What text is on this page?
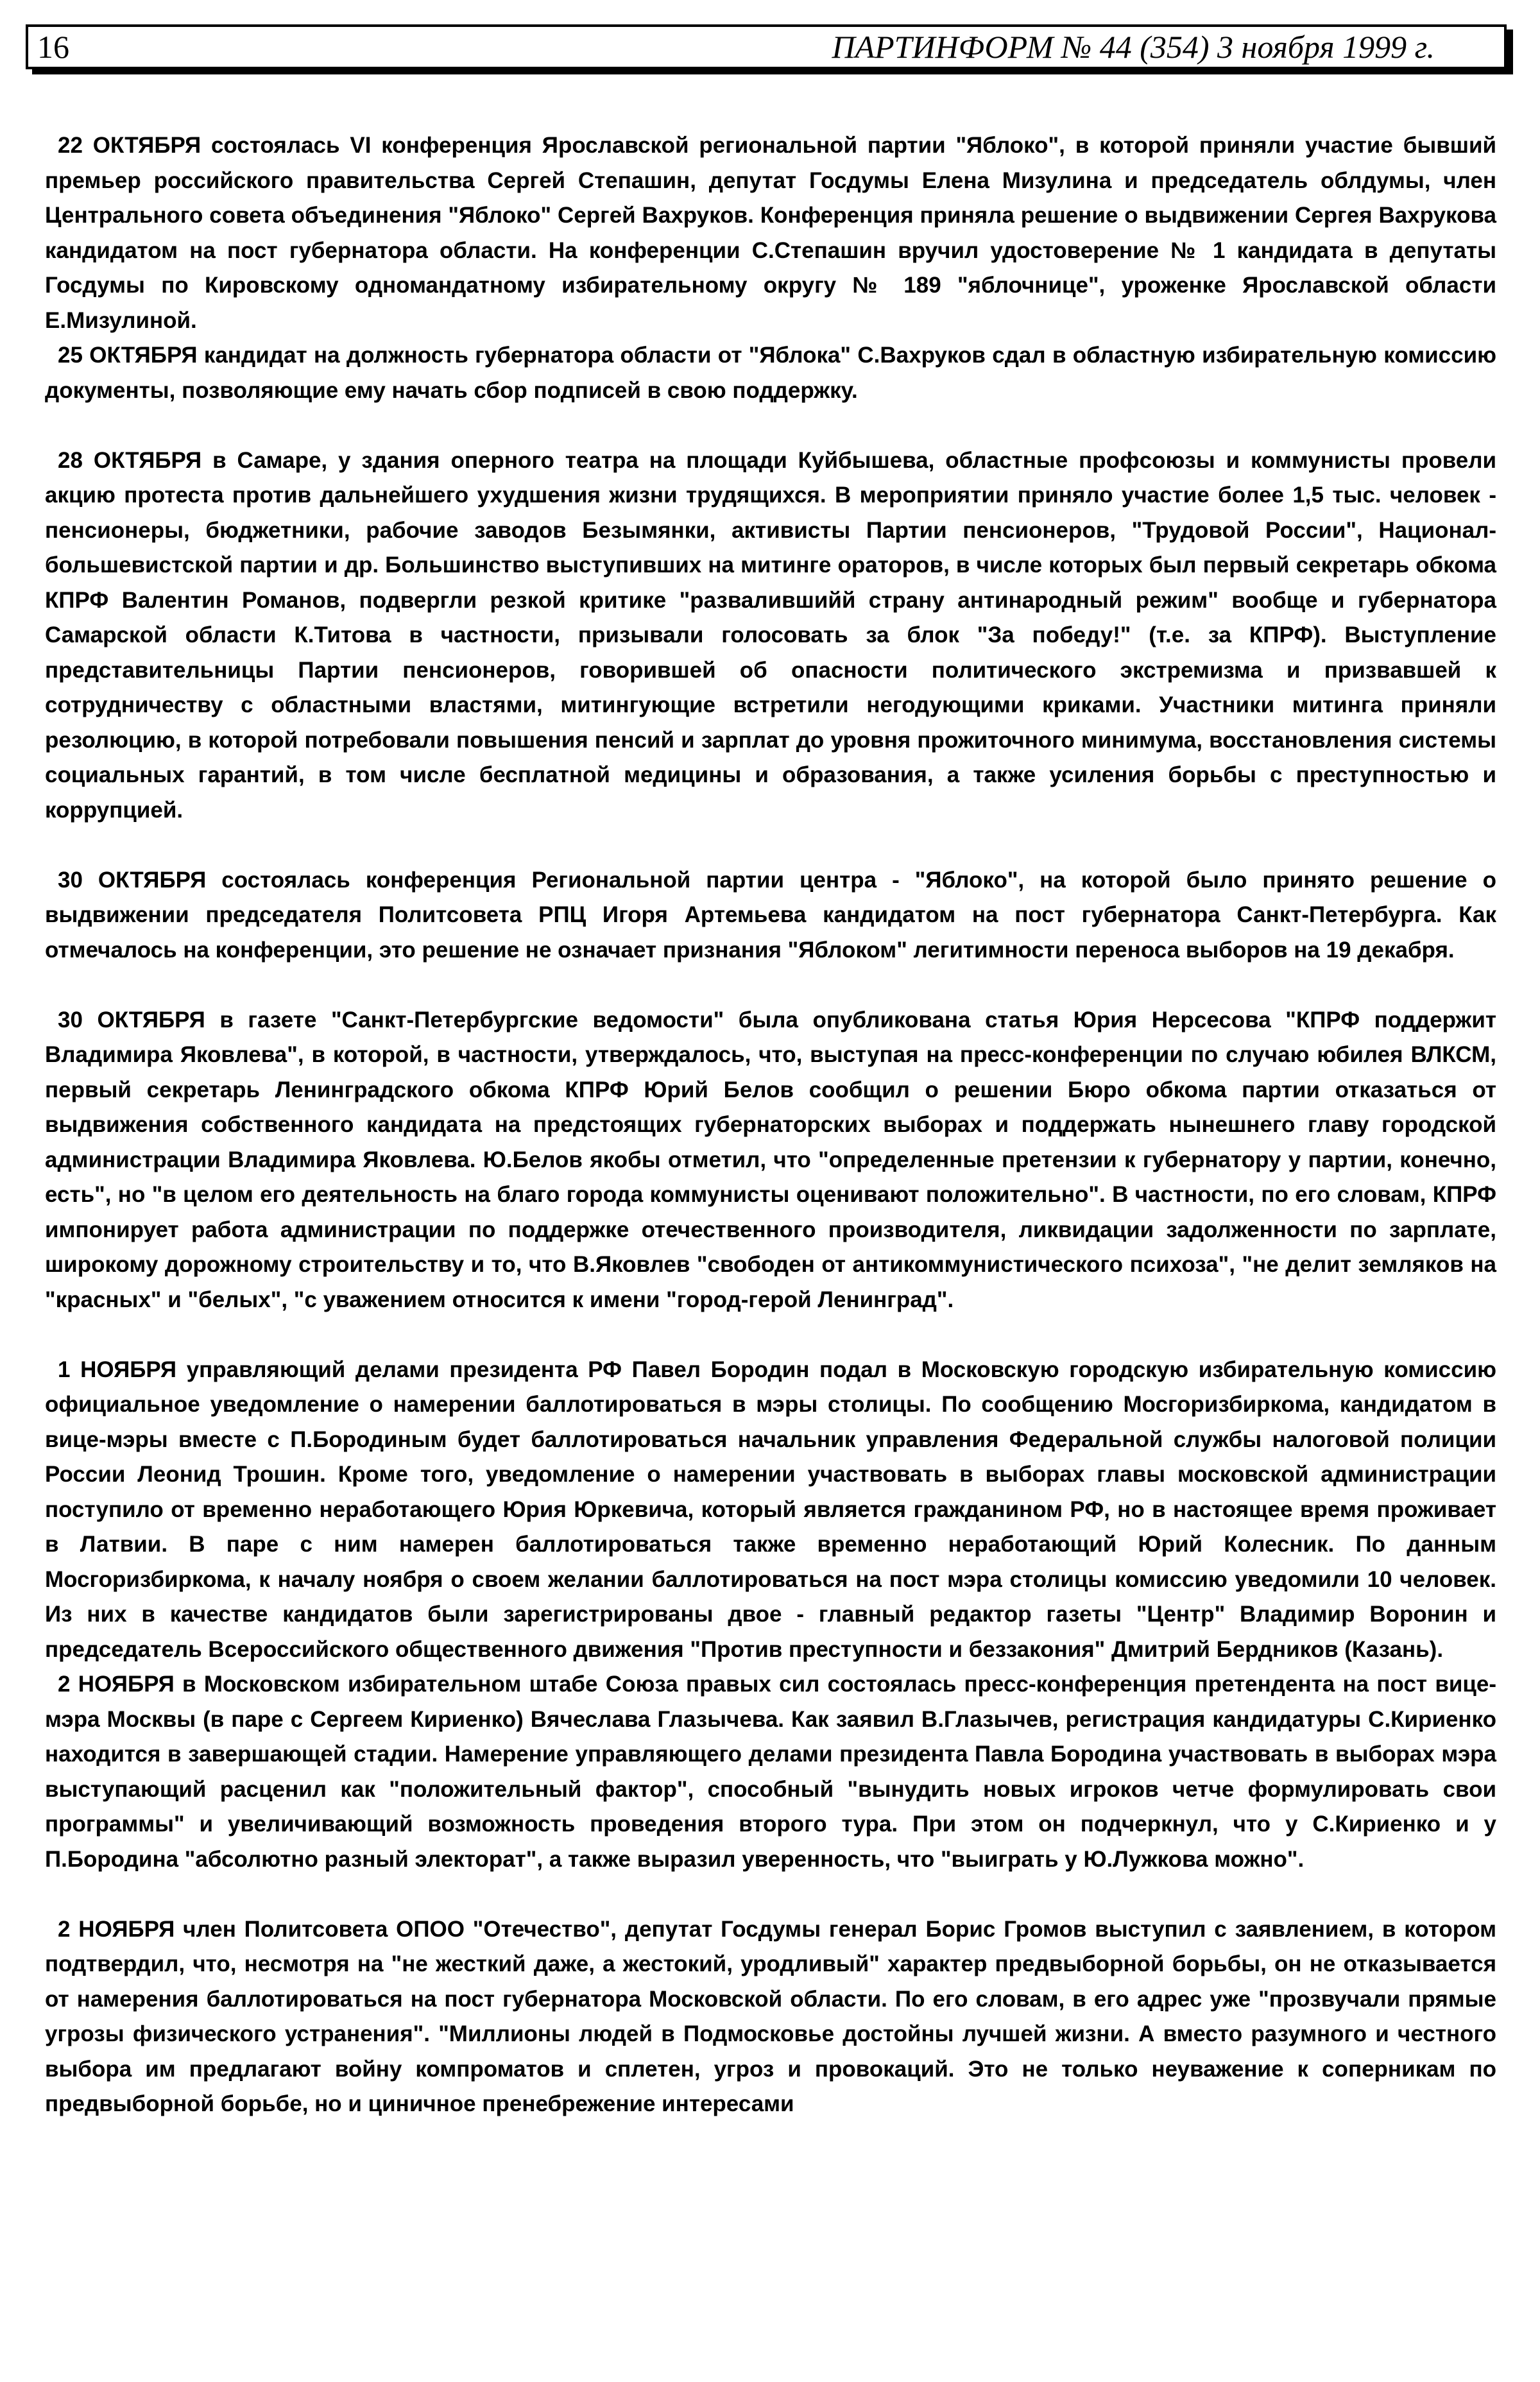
16	ПАРТИНФОРМ № 44 (354) 3 ноября 1999 г.

22 ОКТЯБРЯ состоялась VI конференция Ярославской региональной партии "Яблоко", в которой приняли участие бывший премьер российского правительства Сергей Степашин, депутат Госдумы Елена Мизулина и председатель облдумы, член Центрального совета объединения "Яблоко" Сергей Вахруков. Конференция приняла решение о выдвижении Сергея Вахрукова кандидатом на пост губернатора области. На конференции С.Степашин вручил удостоверение № 1 кандидата в депутаты Госдумы по Кировскому одномандатному избирательному округу № 189 "яблочнице", уроженке Ярославской области Е.Мизулиной.

25 ОКТЯБРЯ кандидат на должность губернатора области от "Яблока" С.Вахруков сдал в областную избирательную комиссию документы, позволяющие ему начать сбор подписей в свою поддержку.

28 ОКТЯБРЯ в Самаре, у здания оперного театра на площади Куйбышева, областные профсоюзы и коммунисты провели акцию протеста против дальнейшего ухудшения жизни трудящихся. В мероприятии приняло участие более 1,5 тыс. человек - пенсионеры, бюджетники, рабочие заводов Безымянки, активисты Партии пенсионеров, "Трудовой России", Национал-большевистской партии и др. Большинство выступивших на митинге ораторов, в числе которых был первый секретарь обкома КПРФ Валентин Романов, подвергли резкой критике "развалившийй страну антинародный режим" вообще и губернатора Самарской области К.Титова в частности, призывали голосовать за блок "За победу!" (т.е. за КПРФ). Выступление представительницы Партии пенсионеров, говорившей об опасности политического экстремизма и призвавшей к сотрудничеству с областными властями, митингующие встретили негодующими криками. Участники митинга приняли резолюцию, в которой потребовали повышения пенсий и зарплат до уровня прожиточного минимума, восстановления системы социальных гарантий, в том числе бесплатной медицины и образования, а также усиления борьбы с преступностью и коррупцией.

30 ОКТЯБРЯ состоялась конференция Региональной партии центра - "Яблоко", на которой было принято решение о выдвижении председателя Политсовета РПЦ Игоря Артемьева кандидатом на пост губернатора Санкт-Петербурга. Как отмечалось на конференции, это решение не означает признания "Яблоком" легитимности переноса выборов на 19 декабря.

30 ОКТЯБРЯ в газете "Санкт-Петербургские ведомости" была опубликована статья Юрия Нерсесова "КПРФ поддержит Владимира Яковлева", в которой, в частности, утверждалось, что, выступая на пресс-конференции по случаю юбилея ВЛКСМ, первый секретарь Ленинградского обкома КПРФ Юрий Белов сообщил о решении Бюро обкома партии отказаться от выдвижения собственного кандидата на предстоящих губернаторских выборах и поддержать нынешнего главу городской администрации Владимира Яковлева. Ю.Белов якобы отметил, что "определенные претензии к губернатору у партии, конечно, есть", но "в целом его деятельность на благо города коммунисты оценивают положительно". В частности, по его словам, КПРФ импонирует работа администрации по поддержке отечественного производителя, ликвидации задолженности по зарплате, широкому дорожному строительству и то, что В.Яковлев "свободен от антикоммунистического психоза", "не делит земляков на "красных" и "белых", "с уважением относится к имени "город-герой Ленинград".

1 НОЯБРЯ управляющий делами президента РФ Павел Бородин подал в Московскую городскую избирательную комиссию официальное уведомление о намерении баллотироваться в мэры столицы. По сообщению Мосгоризбиркома, кандидатом в вице-мэры вместе с П.Бородиным будет баллотироваться начальник управления Федеральной службы налоговой полиции России Леонид Трошин. Кроме того, уведомление о намерении участвовать в выборах главы московской администрации поступило от временно неработающего Юрия Юркевича, который является гражданином РФ, но в настоящее время проживает в Латвии. В паре с ним намерен баллотироваться также временно неработающий Юрий Колесник. По данным Мосгоризбиркома, к началу ноября о своем желании баллотироваться на пост мэра столицы комиссию уведомили 10 человек. Из них в качестве кандидатов были зарегистрированы двое - главный редактор газеты "Центр" Владимир Воронин и председатель Всероссийского общественного движения "Против преступности и беззакония" Дмитрий Бердников (Казань).

2 НОЯБРЯ в Московском избирательном штабе Союза правых сил состоялась пресс-конференция претендента на пост вице-мэра Москвы (в паре с Сергеем Кириенко) Вячеслава Глазычева. Как заявил В.Глазычев, регистрация кандидатуры С.Кириенко находится в завершающей стадии. Намерение управляющего делами президента Павла Бородина участвовать в выборах мэра выступающий расценил как "положительный фактор", способный "вынудить новых игроков четче формулировать свои программы" и увеличивающий возможность проведения второго тура. При этом он подчеркнул, что у С.Кириенко и у П.Бородина "абсолютно разный электорат", а также выразил уверенность, что "выиграть у Ю.Лужкова можно".

2 НОЯБРЯ член Политсовета ОПОО "Отечество", депутат Госдумы генерал Борис Громов выступил с заявлением, в котором подтвердил, что, несмотря на "не жесткий даже, а жестокий, уродливый" характер предвыборной борьбы, он не отказывается от намерения баллотироваться на пост губернатора Московской области. По его словам, в его адрес уже "прозвучали прямые угрозы физического устранения". "Миллионы людей в Подмосковье достойны лучшей жизни. А вместо разумного и честного выбора им предлагают войну компроматов и сплетен, угроз и провокаций. Это не только неуважение к соперникам по предвыборной борьбе, но и циничное пренебрежение интересами
